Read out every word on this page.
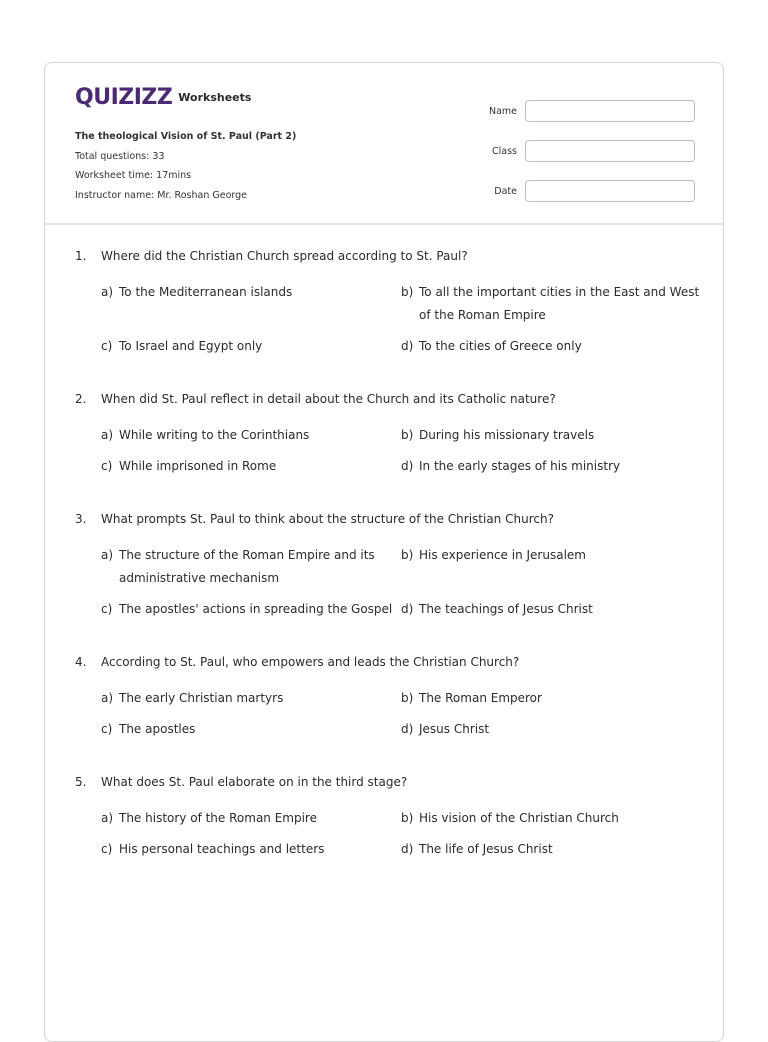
QUIZIZZ Worksheets
The theological Vision of St. Paul (Part 2)
Total questions: 33
Worksheet time: 17mins
Instructor name: Mr. Roshan George
Name
Class
Date
1.	Where did the Christian Church spread according to St. Paul?
a) To the Mediterranean islands	b) To all the important cities in the East and West of the Roman Empire
c) To Israel and Egypt only	d) To the cities of Greece only
2.	When did St. Paul reflect in detail about the Church and its Catholic nature?
a) While writing to the Corinthians	b) During his missionary travels
c) While imprisoned in Rome	d) In the early stages of his ministry
3.	What prompts St. Paul to think about the structure of the Christian Church?
a) The structure of the Roman Empire and its administrative mechanism
b) His experience in Jerusalem
c) The apostles' actions in spreading the Gospel d) The teachings of Jesus Christ
4.	According to St. Paul, who empowers and leads the Christian Church?
a) The early Christian martyrs	b) The Roman Emperor
c) The apostles	d) Jesus Christ
5.	What does St. Paul elaborate on in the third stage?
a) The history of the Roman Empire	b) His vision of the Christian Church
c) His personal teachings and letters	d) The life of Jesus Christ
